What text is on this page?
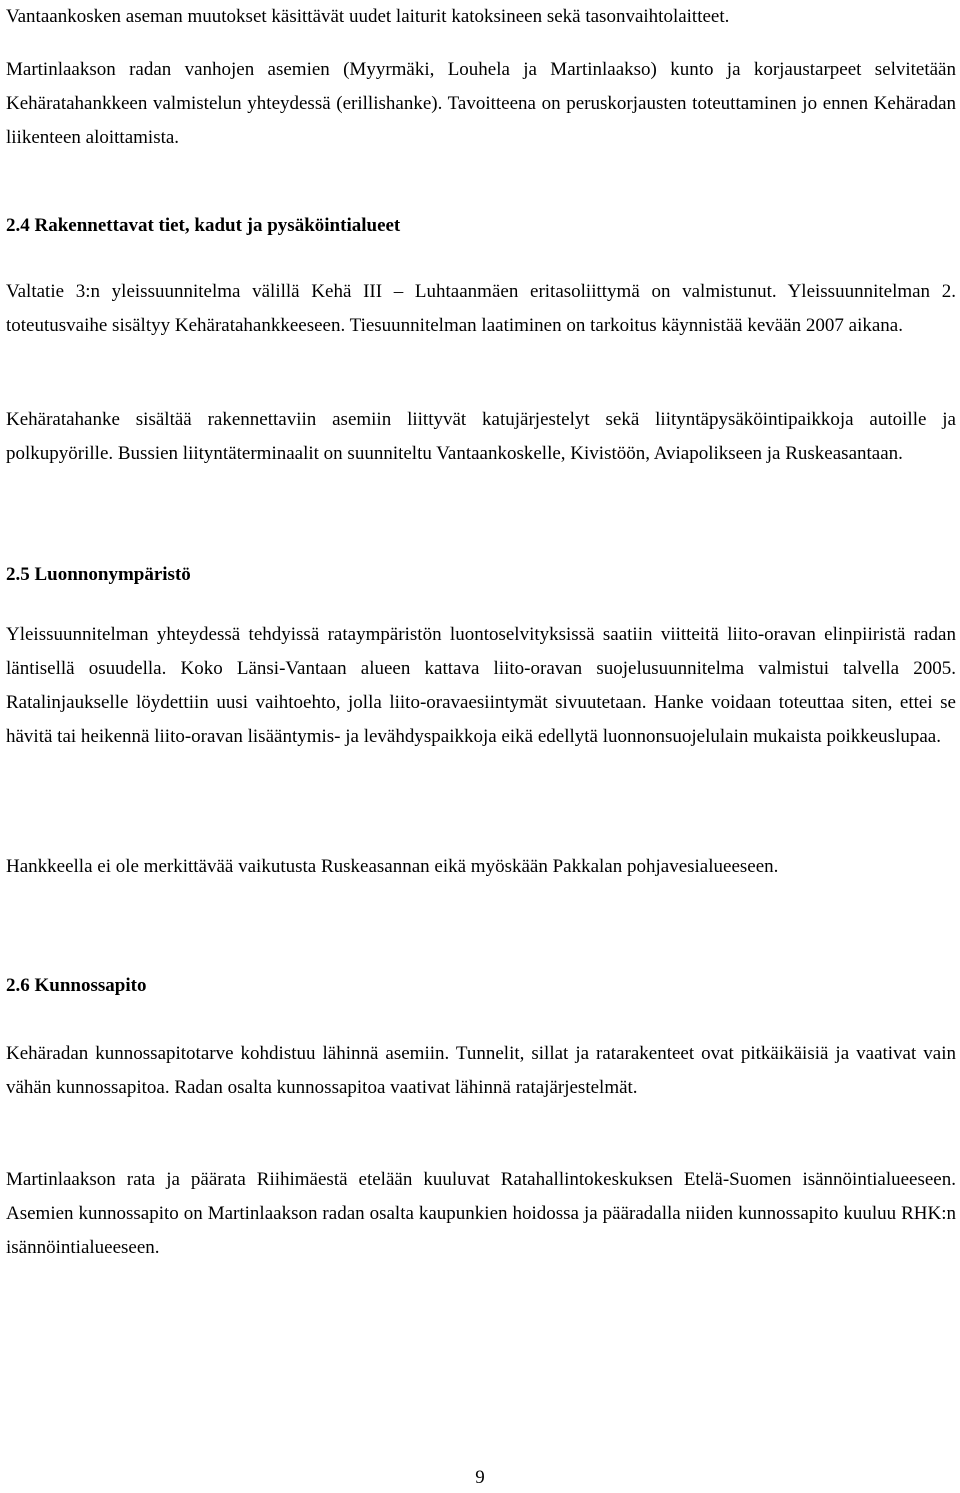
Vantaankosken aseman muutokset käsittävät uudet laiturit katoksineen sekä tasonvaihtolaitteet.

Martinlaakson radan vanhojen asemien (Myyrmäki, Louhela ja Martinlaakso) kunto ja korjaustarpeet selvitetään Kehäratahankkeen valmistelun yhteydessä (erillishanke). Tavoitteena on peruskorjausten toteuttaminen jo ennen Kehäradan liikenteen aloittamista.

2.4 Rakennettavat tiet, kadut ja pysäköintialueet

Valtatie 3:n yleissuunnitelma välillä Kehä III – Luhtaanmäen eritasoliittymä on valmistunut. Yleissuunnitelman 2. toteutusvaihe sisältyy Kehäratahankkeeseen. Tiesuunnitelman laatiminen on tarkoitus käynnistää kevään 2007 aikana.

Kehäratahanke sisältää rakennettaviin asemiin liittyvät katujärjestelyt sekä liityntäpysäköintipaikkoja autoille ja polkupyörille. Bussien liityntäterminaalit on suunniteltu Vantaankoskelle, Kivistöön, Aviapolikseen ja Ruskeasantaan.

2.5 Luonnonympäristö

Yleissuunnitelman yhteydessä tehdyissä rataympäristön luontoselvityksissä saatiin viitteitä liito-oravan elinpiiristä radan läntisellä osuudella. Koko Länsi-Vantaan alueen kattava liito-oravan suojelusuunnitelma valmistui talvella 2005. Ratalinjaukselle löydettiin uusi vaihtoehto, jolla liito-oravaesiintymät sivuutetaan. Hanke voidaan toteuttaa siten, ettei se hävitä tai heikennä liito-oravan lisääntymis- ja levähdyspaikkoja eikä edellytä luonnonsuojelulain mukaista poikkeuslupaa.

Hankkeella ei ole merkittävää vaikutusta Ruskeasannan eikä myöskään Pakkalan pohjavesialueeseen.

2.6 Kunnossapito

Kehäradan kunnossapitotarve kohdistuu lähinnä asemiin. Tunnelit, sillat ja ratarakenteet ovat pitkäikäisiä ja vaativat vain vähän kunnossapitoa. Radan osalta kunnossapitoa vaativat lähinnä ratajärjestelmät.

Martinlaakson rata ja päärata Riihimäestä etelään kuuluvat Ratahallintokeskuksen Etelä-Suomen isännöintialueeseen. Asemien kunnossapito on Martinlaakson radan osalta kaupunkien hoidossa ja pääradalla niiden kunnossapito kuuluu RHK:n isännöintialueeseen.

9
